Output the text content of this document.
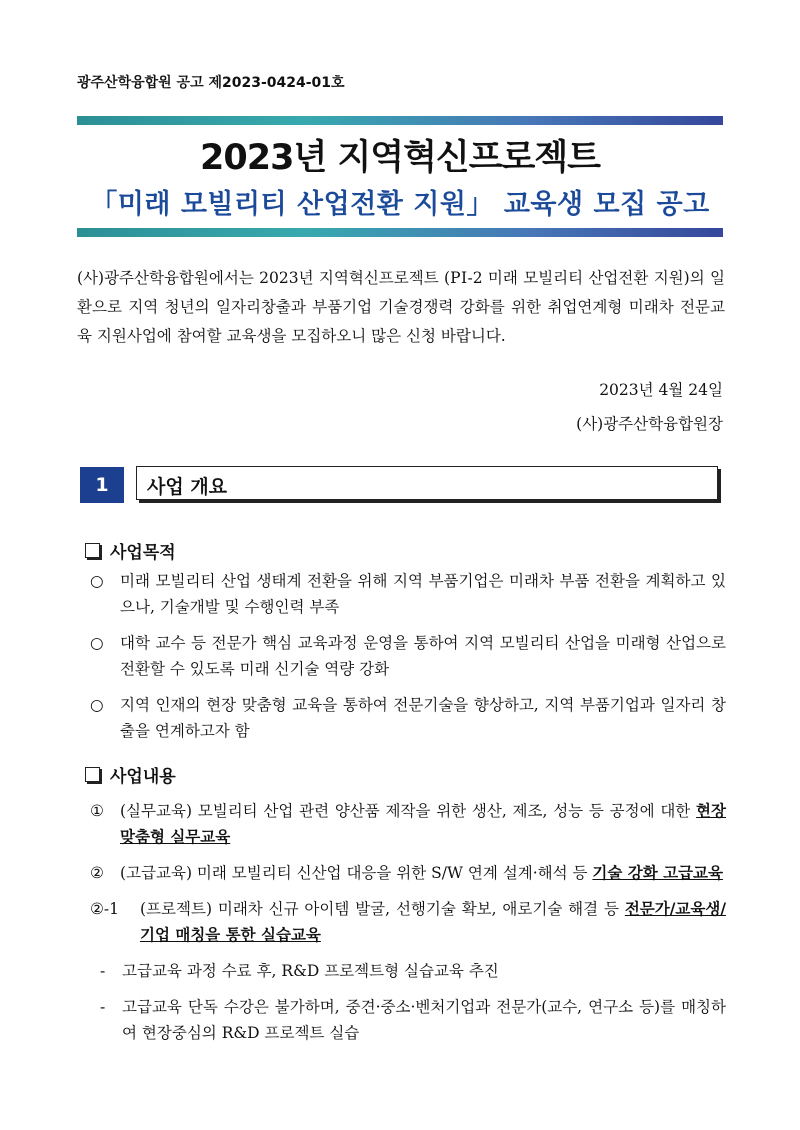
광주산학융합원 공고 제2023-0424-01호
2023년 지역혁신프로젝트
「미래 모빌리티 산업전환 지원」 교육생 모집 공고
(사)광주산학융합원에서는 2023년 지역혁신프로젝트 (PⅠ-2 미래 모빌리티 산업전환 지원)의 일환으로 지역 청년의 일자리창출과 부품기업 기술경쟁력 강화를 위한 취업연계형 미래차 전문교육 지원사업에 참여할 교육생을 모집하오니 많은 신청 바랍니다.
2023년 4월 24일
(사)광주산학융합원장
1	사업 개요
사업목적
○	미래 모빌리티 산업 생태계 전환을 위해 지역 부품기업은 미래차 부품 전환을 계획하고 있으나, 기술개발 및 수행인력 부족
○	대학 교수 등 전문가 핵심 교육과정 운영을 통하여 지역 모빌리티 산업을 미래형 산업으로 전환할 수 있도록 미래 신기술 역량 강화
○	지역 인재의 현장 맞춤형 교육을 통하여 전문기술을 향상하고, 지역 부품기업과 일자리 창출을 연계하고자 함
사업내용
①	(실무교육) 모빌리티 산업 관련 양산품 제작을 위한 생산, 제조, 성능 등 공정에 대한 현장 맞춤형 실무교육
②	(고급교육) 미래 모빌리티 신산업 대응을 위한 S/W 연계 설계·해석 등 기술 강화 고급교육
②-1	(프로젝트) 미래차 신규 아이템 발굴, 선행기술 확보, 애로기술 해결 등 전문가/교육생/기업 매칭을 통한 실습교육
-	고급교육 과정 수료 후, R&D 프로젝트형 실습교육 추진
-	고급교육 단독 수강은 불가하며, 중견·중소·벤처기업과 전문가(교수, 연구소 등)를 매칭하여 현장중심의 R&D 프로젝트 실습
